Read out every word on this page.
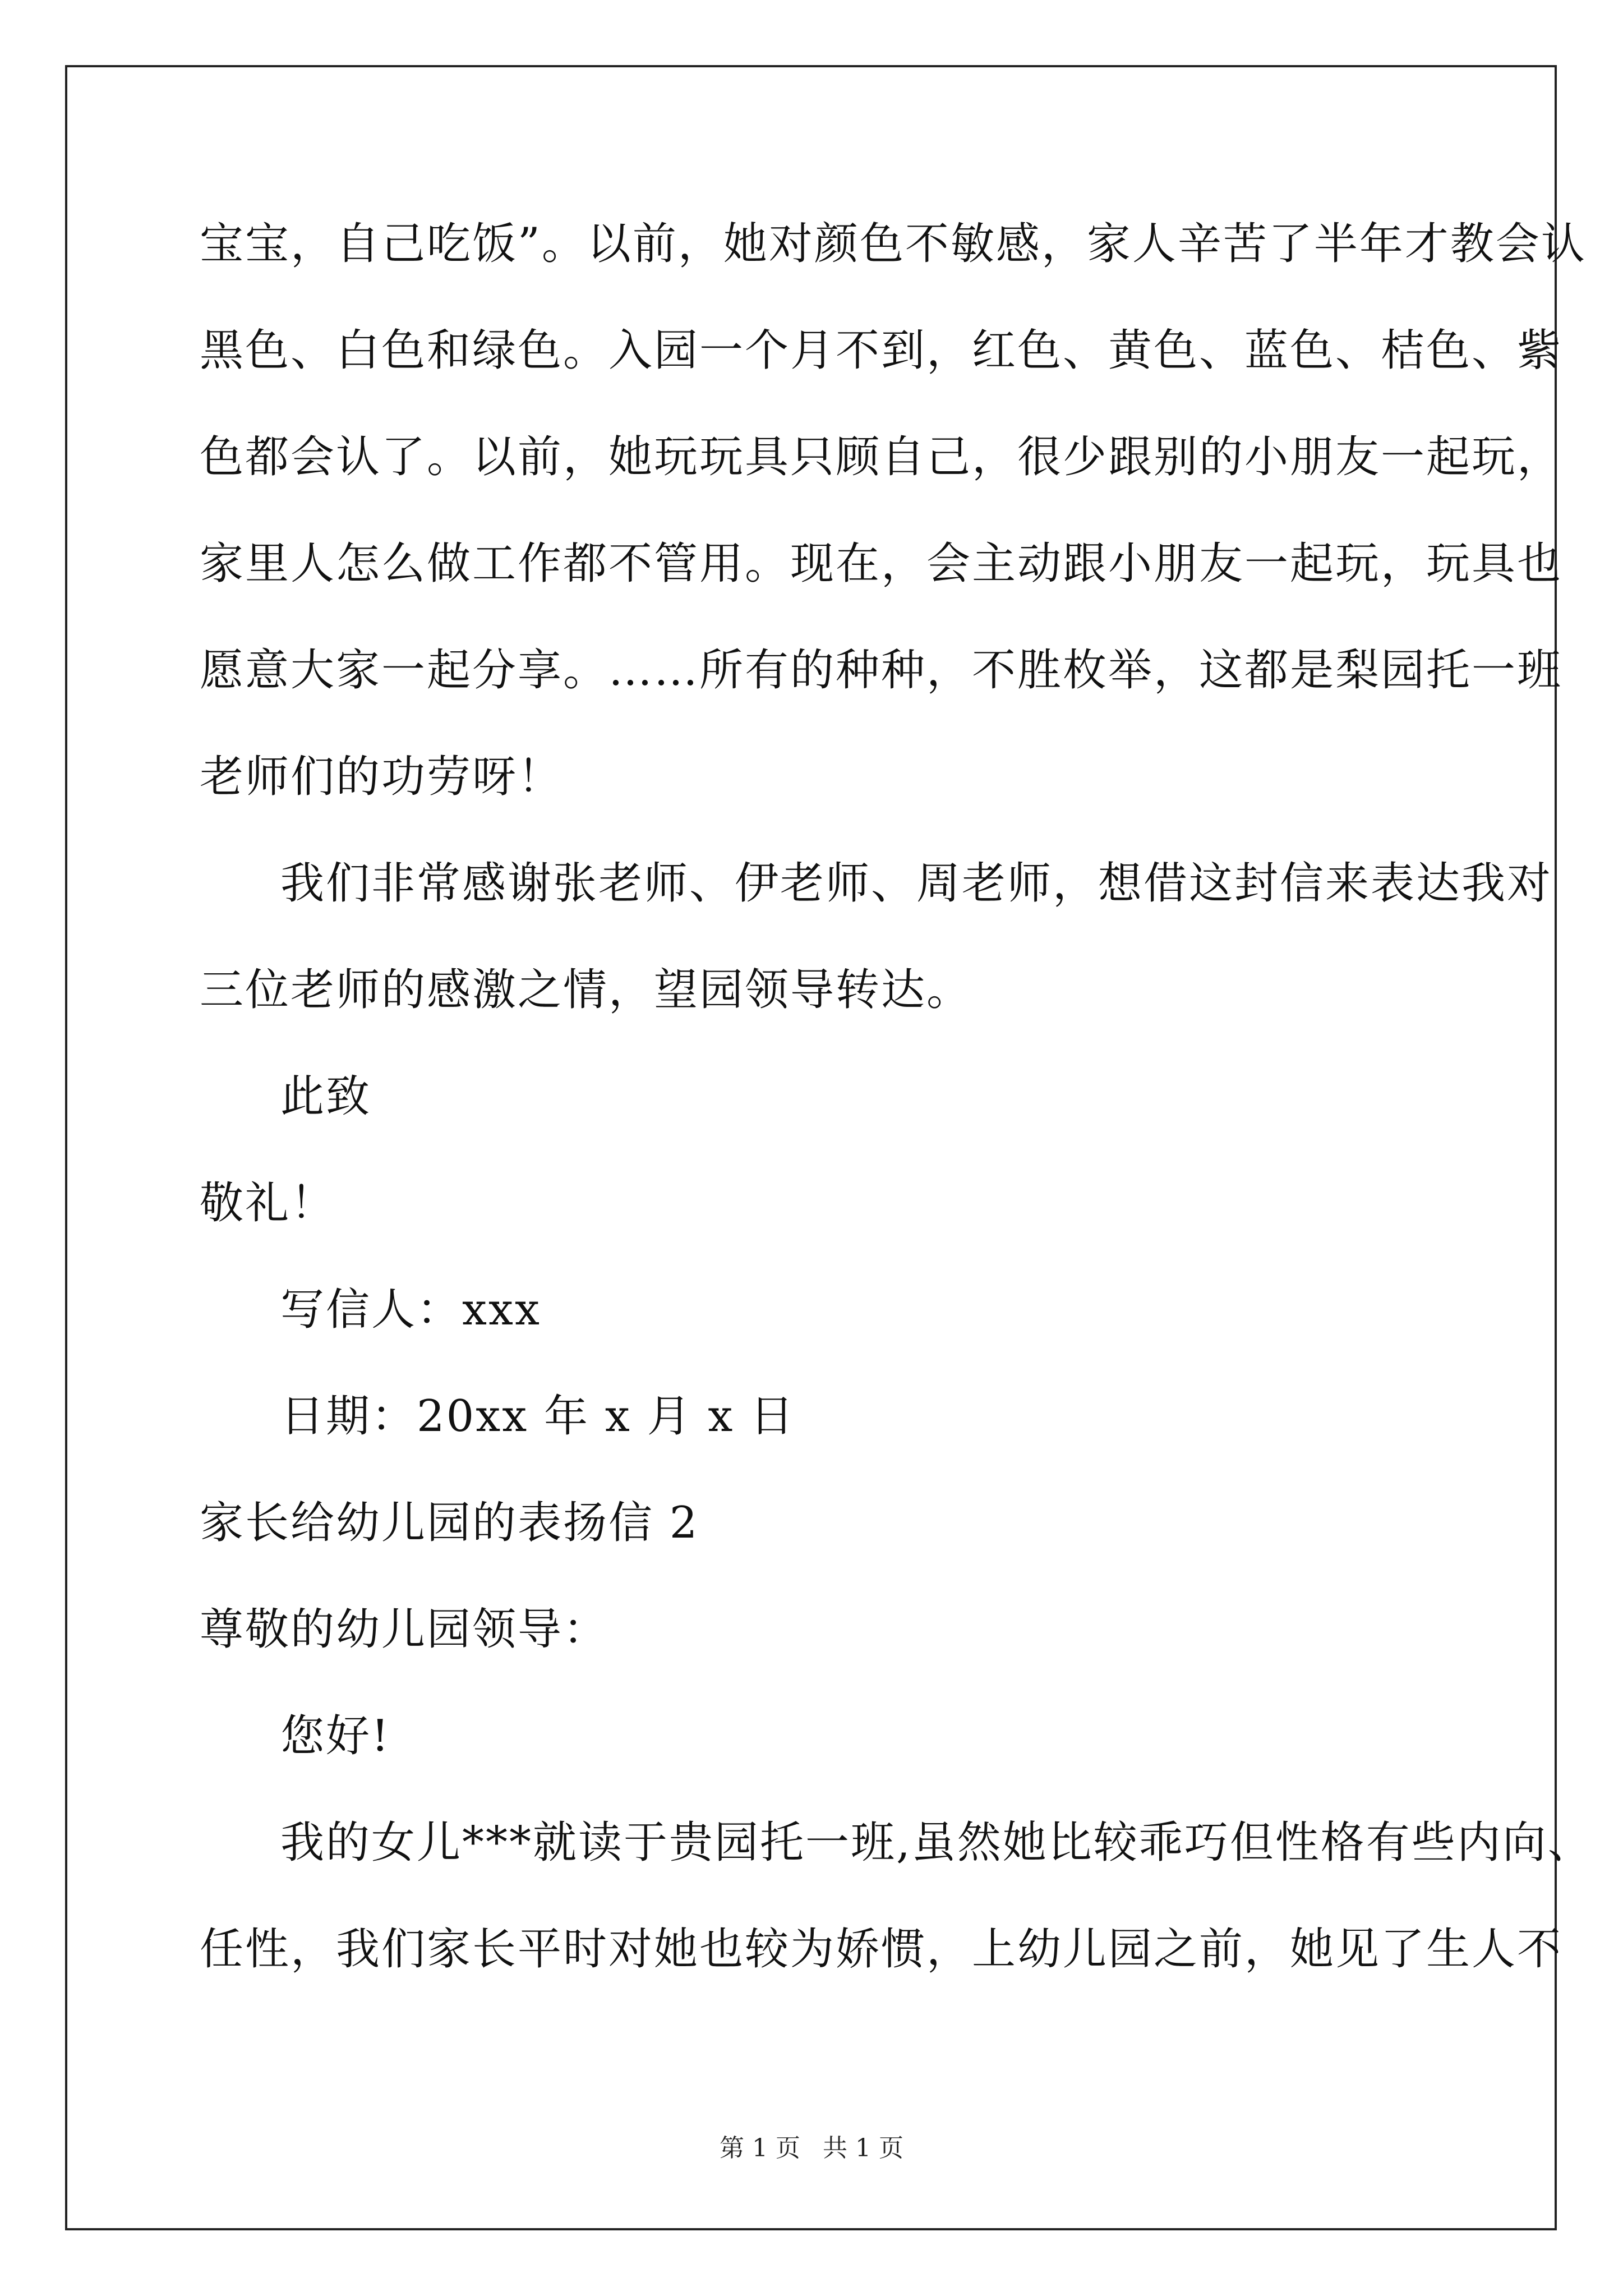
宝宝，自己吃饭”。以前，她对颜色不敏感，家人辛苦了半年才教会认
黑色、白色和绿色。入园一个月不到，红色、黄色、蓝色、桔色、紫
色都会认了。以前，她玩玩具只顾自己，很少跟别的小朋友一起玩，
家里人怎么做工作都不管用。现在，会主动跟小朋友一起玩，玩具也
愿意大家一起分享。……所有的种种，不胜枚举，这都是梨园托一班
老师们的功劳呀！
我们非常感谢张老师、伊老师、周老师，想借这封信来表达我对
三位老师的感激之情，望园领导转达。
此致
敬礼！
写信人：xxx
日期：20xx 年 x 月 x 日
家长给幼儿园的表扬信 2
尊敬的幼儿园领导：
您好!
我的女儿***就读于贵园托一班,虽然她比较乖巧但性格有些内向、
任性，我们家长平时对她也较为娇惯，上幼儿园之前，她见了生人不
第 1 页 共 1 页
